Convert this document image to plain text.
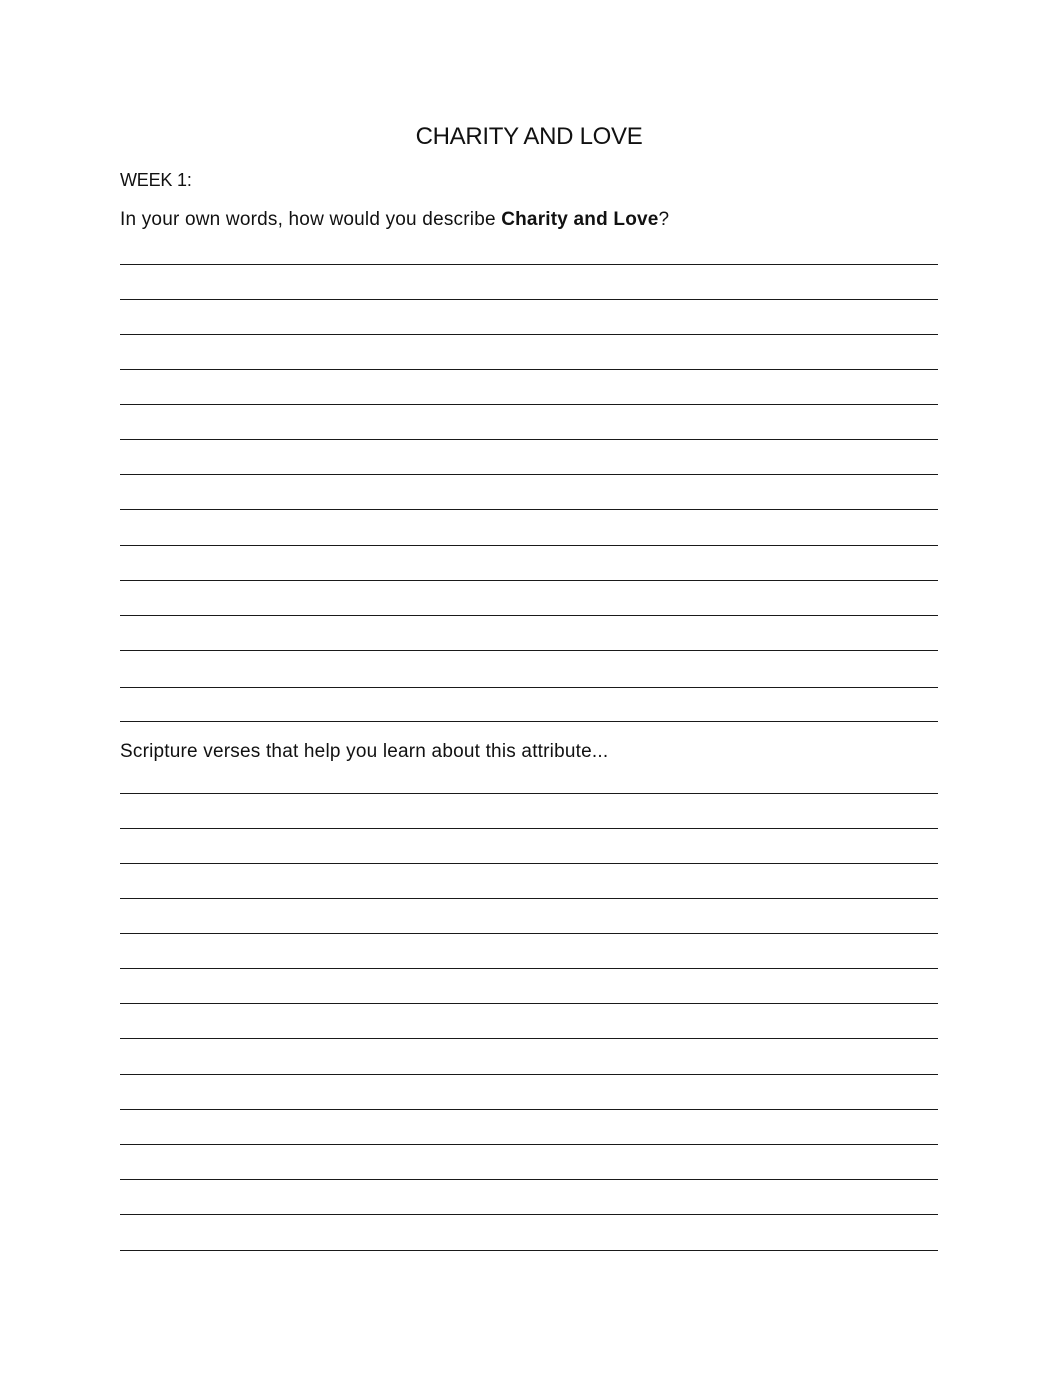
CHARITY AND LOVE
WEEK 1:
In your own words, how would you describe Charity and Love?
Scripture verses that help you learn about this attribute...
